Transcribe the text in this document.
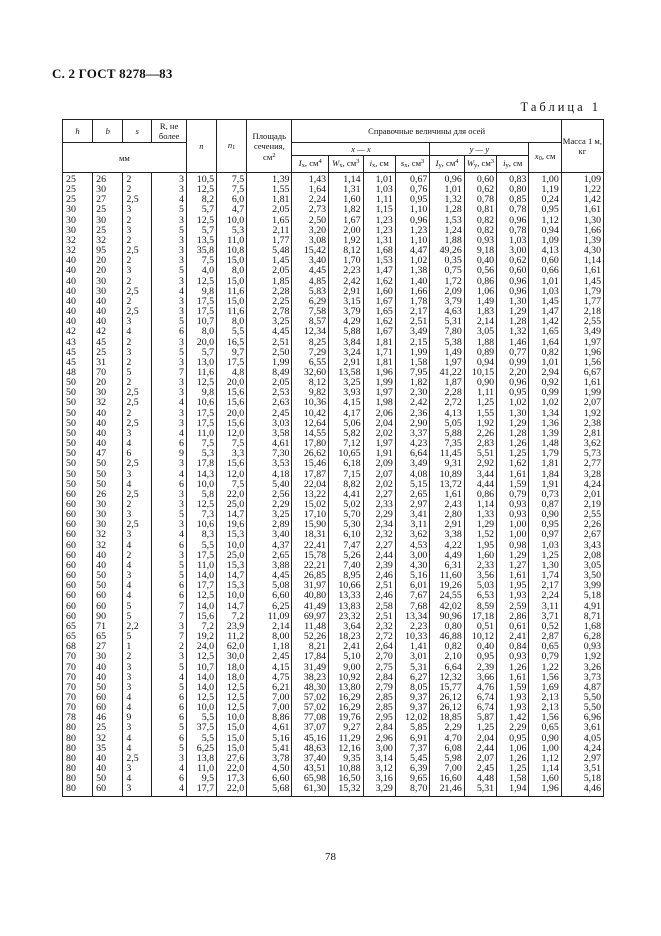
С. 2 ГОСТ 8278—83
Таблица 1
h	b	s	R, не более	n	n1	Площадь сечения, $см^2$	Справочные величины для осей								Масса 1 м, кг
мм							x — x				y — y			x0, см	
							Ix, $см^4$	Wx, $см^3$	ix, см	sx, $см^3$	Iy, $см^4$	Wy, $см^3$	iy, см		
25	26	2	3	10,5	7,5	1,39	1,43	1,14	1,01	0,67	0,96	0,60	0,83	1,00	1,09
25	30	2	3	12,5	7,5	1,55	1,64	1,31	1,03	0,76	1,01	0,62	0,80	1,19	1,22
25	27	2,5	4	8,2	6,0	1,81	2,24	1,60	1,11	0,95	1,32	0,78	0,85	0,24	1,42
30	25	3	5	5,7	4,7	2,05	2,73	1,82	1,15	1,10	1,28	0,81	0,78	0,95	1,61
30	30	2	3	12,5	10,0	1,65	2,50	1,67	1,23	0,96	1,53	0,82	0,96	1,12	1,30
30	25	3	5	5,7	5,3	2,11	3,20	2,00	1,23	1,23	1,24	0,82	0,78	0,94	1,66
32	32	2	3	13,5	11,0	1,77	3,08	1,92	1,31	1,10	1,88	0,93	1,03	1,09	1,39
32	95	2,5	3	35,8	10,8	5,48	15,42	8,12	1,68	4,47	49,26	9,18	3,00	4,13	4,30
40	20	2	3	7,5	15,0	1,45	3,40	1,70	1,53	1,02	0,35	0,40	0,62	0,60	1,14
40	20	3	5	4,0	8,0	2,05	4,45	2,23	1,47	1,38	0,75	0,56	0,60	0,66	1,61
40	30	2	3	12,5	15,0	1,85	4,85	2,42	1,62	1,40	1,72	0,86	0,96	1,01	1,45
40	30	2,5	4	9,8	11,6	2,28	5,83	2,91	1,60	1,66	2,09	1,06	0,96	1,03	1,79
40	40	2	3	17,5	15,0	2,25	6,29	3,15	1,67	1,78	3,79	1,49	1,30	1,45	1,77
40	40	2,5	3	17,5	11,6	2,78	7,58	3,79	1,65	2,17	4,63	1,83	1,29	1,47	2,18
40	40	3	5	10,7	8,0	3,25	8,57	4,29	1,62	2,51	5,31	2,14	1,28	1,42	2,55
42	42	4	6	8,0	5,5	4,45	12,34	5,88	1,67	3,49	7,80	3,05	1,32	1,65	3,49
43	45	2	3	20,0	16,5	2,51	8,25	3,84	1,81	2,15	5,38	1,88	1,46	1,64	1,97
45	25	3	5	5,7	9,7	2,50	7,29	3,24	1,71	1,99	1,49	0,89	0,77	0,82	1,96
45	31	2	3	13,0	17,5	1,99	6,55	2,91	1,81	1,58	1,97	0,94	0,99	1,01	1,56
48	70	5	7	11,6	4,8	8,49	32,60	13,58	1,96	7,95	41,22	10,15	2,20	2,94	6,67
50	20	2	3	12,5	20,0	2,05	8,12	3,25	1,99	1,82	1,87	0,90	0,96	0,92	1,61
50	30	2,5	3	9,8	15,6	2,53	9,82	3,93	1,97	2,30	2,28	1,11	0,95	0,99	1,99
50	32	2,5	4	10,6	15,6	2,63	10,36	4,15	1,98	2,42	2,72	1,25	1,02	1,02	2,07
50	40	2	3	17,5	20,0	2,45	10,42	4,17	2,06	2,36	4,13	1,55	1,30	1,34	1,92
50	40	2,5	3	17,5	15,6	3,03	12,64	5,06	2,04	2,90	5,05	1,92	1,29	1,36	2,38
50	40	3	4	11,0	12,0	3,58	14,55	5,82	2,02	3,37	5,88	2,26	1,28	1,39	2,81
50	40	4	6	7,5	7,5	4,61	17,80	7,12	1,97	4,23	7,35	2,83	1,26	1,48	3,62
50	47	6	9	5,3	3,3	7,30	26,62	10,65	1,91	6,64	11,45	5,51	1,25	1,79	5,73
50	50	2,5	3	17,8	15,6	3,53	15,46	6,18	2,09	3,49	9,31	2,92	1,62	1,81	2,77
50	50	3	4	14,3	12,0	4,18	17,87	7,15	2,07	4,08	10,89	3,44	1,61	1,84	3,28
50	50	4	6	10,0	7,5	5,40	22,04	8,82	2,02	5,15	13,72	4,44	1,59	1,91	4,24
60	26	2,5	3	5,8	22,0	2,56	13,22	4,41	2,27	2,65	1,61	0,86	0,79	0,73	2,01
60	30	2	3	12,5	25,0	2,29	15,02	5,02	2,33	2,97	2,43	1,14	0,93	0,87	2,19
60	30	3	5	7,3	14,7	3,25	17,10	5,70	2,29	3,41	2,80	1,33	0,93	0,90	2,55
60	30	2,5	3	10,6	19,6	2,89	15,90	5,30	2,34	3,11	2,91	1,29	1,00	0,95	2,26
60	32	3	4	8,3	15,3	3,40	18,31	6,10	2,32	3,62	3,38	1,52	1,00	0,97	2,67
60	32	4	6	5,5	10,0	4,37	22,41	7,47	2,27	4,53	4,22	1,95	0,98	1,03	3,43
60	40	2	3	17,5	25,0	2,65	15,78	5,26	2,44	3,00	4,49	1,60	1,29	1,25	2,08
60	40	4	5	11,0	15,3	3,88	22,21	7,40	2,39	4,30	6,31	2,33	1,27	1,30	3,05
60	50	3	5	14,0	14,7	4,45	26,85	8,95	2,46	5,16	11,60	3,56	1,61	1,74	3,50
60	50	4	6	17,7	15,3	5,08	31,97	10,66	2,51	6,01	19,26	5,03	1,95	2,17	3,99
60	60	4	6	12,5	10,0	6,60	40,80	13,33	2,46	7,67	24,55	6,53	1,93	2,24	5,18
60	60	5	7	14,0	14,7	6,25	41,49	13,83	2,58	7,68	42,02	8,59	2,59	3,11	4,91
60	90	5	7	15,6	7,2	11,09	69,97	23,32	2,51	13,34	90,96	17,18	2,86	3,71	8,71
65	71	2,2	3	7,2	23,9	2,14	11,48	3,64	2,32	2,23	0,80	0,51	0,61	0,52	1,68
65	65	5	7	19,2	11,2	8,00	52,26	18,23	2,72	10,33	46,88	10,12	2,41	2,87	6,28
68	27	1	2	24,0	62,0	1,18	8,21	2,41	2,64	1,41	0,82	0,40	0,84	0,65	0,93
70	30	2	3	12,5	30,0	2,45	17,84	5,10	2,70	3,01	2,10	0,95	0,93	0,79	1,92
70	40	3	5	10,7	18,0	4,15	31,49	9,00	2,75	5,31	6,64	2,39	1,26	1,22	3,26
70	40	3	4	14,0	18,0	4,75	38,23	10,92	2,84	6,27	12,32	3,66	1,61	1,56	3,73
70	50	3	5	14,0	12,5	6,21	48,30	13,80	2,79	8,05	15,77	4,76	1,59	1,69	4,87
70	60	4	6	12,5	12,5	7,00	57,02	16,29	2,85	9,37	26,12	6,74	1,93	2,13	5,50
70	60	4	6	10,0	12,5	7,00	57,02	16,29	2,85	9,37	26,12	6,74	1,93	2,13	5,50
78	46	9	6	5,5	10,0	8,86	77,08	19,76	2,95	12,02	18,85	5,87	1,42	1,56	6,96
80	25	3	5	37,5	15,0	4,61	37,07	9,27	2,84	5,85	2,29	1,25	2,29	0,65	3,61
80	32	4	6	5,5	15,0	5,16	45,16	11,29	2,96	6,91	4,70	2,04	0,95	0,90	4,05
80	35	4	5	6,25	15,0	5,41	48,63	12,16	3,00	7,37	6,08	2,44	1,06	1,00	4,24
80	40	2,5	3	13,8	27,6	3,78	37,40	9,35	3,14	5,45	5,98	2,07	1,26	1,12	2,97
80	40	3	4	11,0	22,0	4,50	43,51	10,88	3,12	6,39	7,00	2,45	1,25	1,14	3,51
80	50	4	6	9,5	17,3	6,60	65,98	16,50	3,16	9,65	16,60	4,48	1,58	1,60	5,18
80	60	3	4	17,7	22,0	5,68	61,30	15,32	3,29	8,70	21,46	5,31	1,94	1,96	4,46
78
